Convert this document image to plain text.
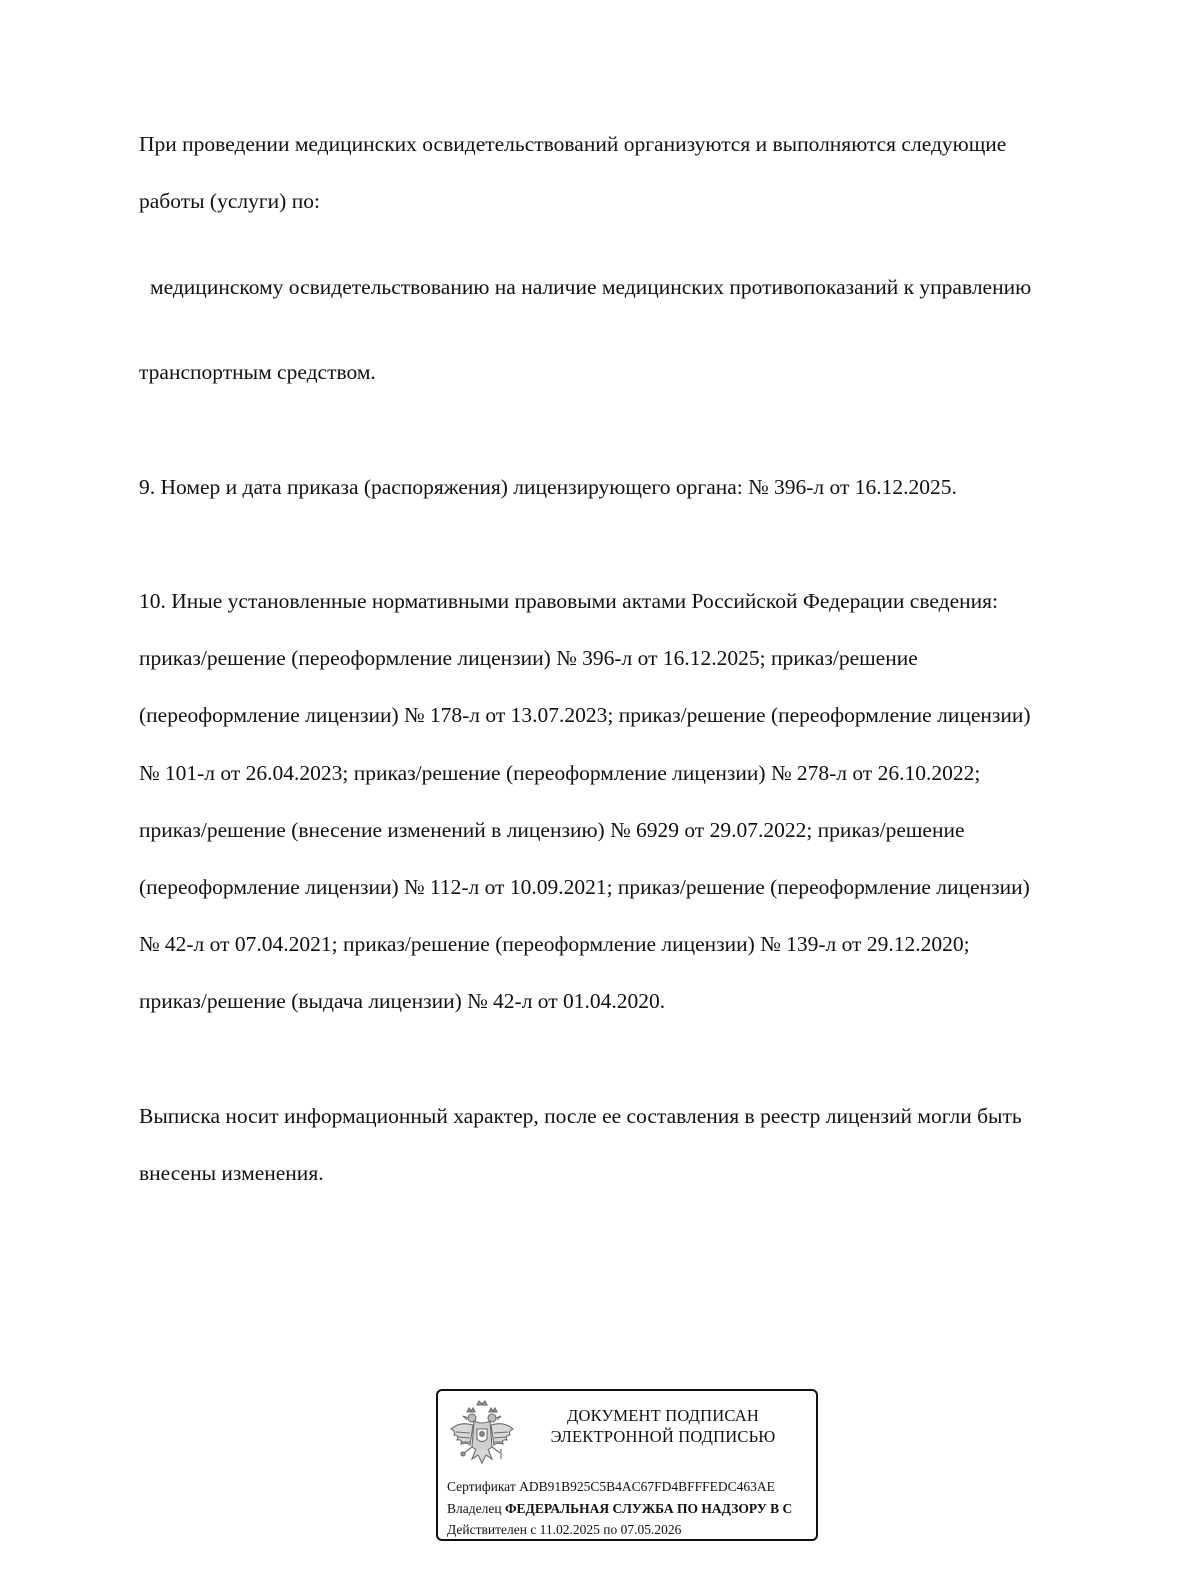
При проведении медицинских освидетельствований организуются и выполняются следующие

работы (услуги) по:

медицинскому освидетельствованию на наличие медицинских противопоказаний к управлению

транспортным средством.

9. Номер и дата приказа (распоряжения) лицензирующего органа: № 396-л от 16.12.2025.

10. Иные установленные нормативными правовыми актами Российской Федерации сведения:

приказ/решение (переоформление лицензии) № 396-л от 16.12.2025; приказ/решение

(переоформление лицензии) № 178-л от 13.07.2023; приказ/решение (переоформление лицензии)

№ 101-л от 26.04.2023; приказ/решение (переоформление лицензии) № 278-л от 26.10.2022;

приказ/решение (внесение изменений в лицензию) № 6929 от 29.07.2022; приказ/решение

(переоформление лицензии) № 112-л от 10.09.2021; приказ/решение (переоформление лицензии)

№ 42-л от 07.04.2021; приказ/решение (переоформление лицензии) № 139-л от 29.12.2020;

приказ/решение (выдача лицензии) № 42-л от 01.04.2020.

Выписка носит информационный характер, после ее составления в реестр лицензий могли быть

внесены изменения.

ДОКУМЕНТ ПОДПИСАН
ЭЛЕКТРОННОЙ ПОДПИСЬЮ
Сертификат ADB91B925C5B4AC67FD4BFFFEDC463AE
Владелец ФЕДЕРАЛЬНАЯ СЛУЖБА ПО НАДЗОРУ В С
Действителен с 11.02.2025 по 07.05.2026
